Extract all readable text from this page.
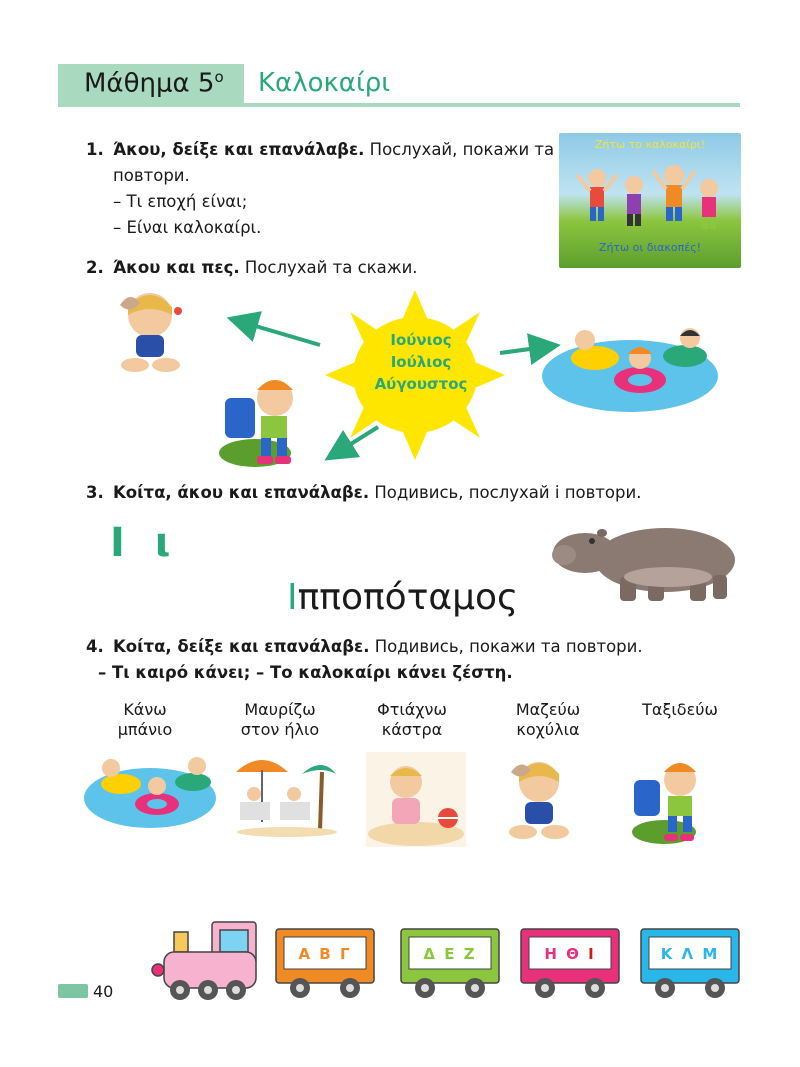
Μάθημα $5^o$ Καλοκαίρι
1. Άκου, δείξε και επανάλαβε. Послухай, покажи та
повтори.
– Τι εποχή είναι;
– Είναι καλοκαίρι.
Ζήτω το καλοκαίρι!
Ζήτω οι διακοπές!
2. Άκου και πες. Послухай та скажи.
Ιούνιος
Ιούλιος
Αύγουστος
3. Κοίτα, άκου και επανάλαβε. Подивись, послухай і повтори.
Ι ι
Ιπποπόταμος
4. Κοίτα, δείξε και επανάλαβε. Подивись, покажи та повтори.
– Τι καιρό κάνει; – Το καλοκαίρι κάνει ζέστη.
Κάνω
μπάνιο
Μαυρίζω
στον ήλιο
Φτιάχνω
κάστρα
Μαζεύω
κοχύλια
Ταξιδεύω
Α Β Γ	Δ Ε Ζ	Η Θ Ι	Κ Λ Μ
40
